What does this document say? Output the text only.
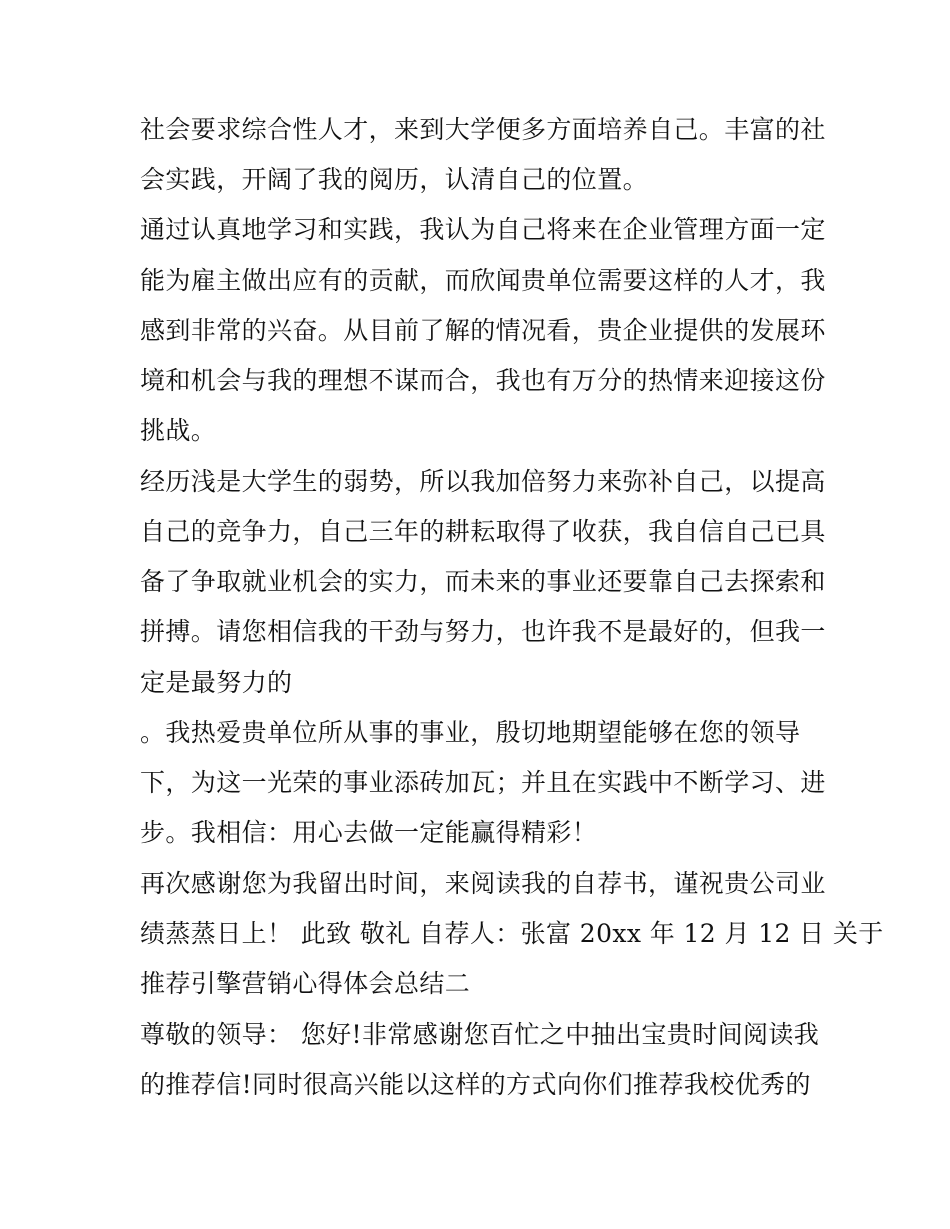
社会要求综合性人才，来到大学便多方面培养自己。丰富的社

会实践，开阔了我的阅历，认清自己的位置。

通过认真地学习和实践，我认为自己将来在企业管理方面一定

能为雇主做出应有的贡献，而欣闻贵单位需要这样的人才，我

感到非常的兴奋。从目前了解的情况看，贵企业提供的发展环

境和机会与我的理想不谋而合，我也有万分的热情来迎接这份

挑战。

经历浅是大学生的弱势，所以我加倍努力来弥补自己，以提高

自己的竞争力，自己三年的耕耘取得了收获，我自信自己已具

备了争取就业机会的实力，而未来的事业还要靠自己去探索和

拼搏。请您相信我的干劲与努力，也许我不是最好的，但我一

定是最努力的

。我热爱贵单位所从事的事业，殷切地期望能够在您的领导

下，为这一光荣的事业添砖加瓦；并且在实践中不断学习、进

步。我相信：用心去做一定能赢得精彩！

再次感谢您为我留出时间，来阅读我的自荐书，谨祝贵公司业

绩蒸蒸日上！ 此致 敬礼 自荐人：张富 20xx 年 12 月 12 日 关于

推荐引擎营销心得体会总结二

尊敬的领导： 您好!非常感谢您百忙之中抽出宝贵时间阅读我

的推荐信!同时很高兴能以这样的方式向你们推荐我校优秀的
